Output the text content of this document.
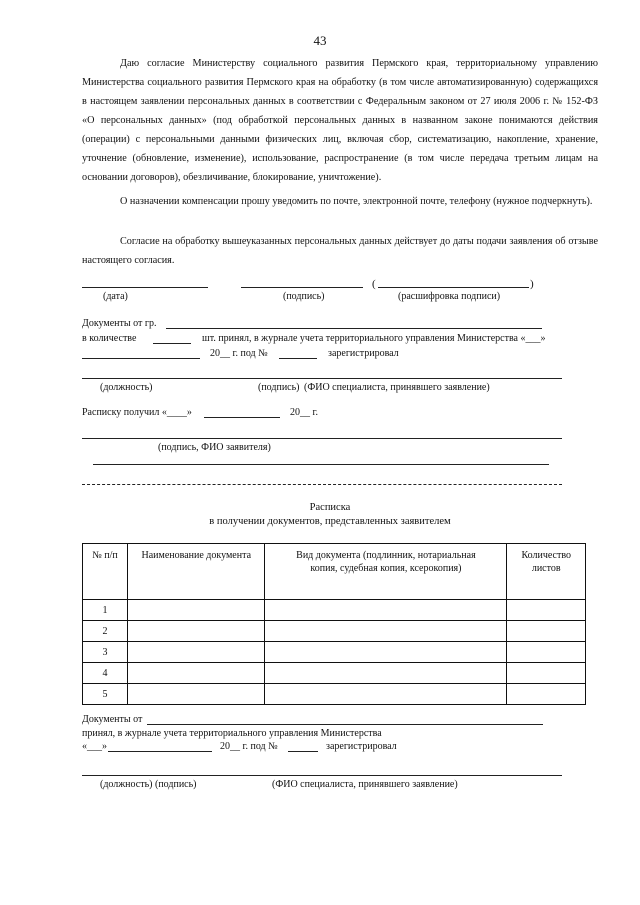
43
Даю согласие Министерству социального развития Пермского края, территориальному управлению Министерства социального развития Пермского края на обработку (в том числе автоматизированную) содержащихся в настоящем заявлении персональных данных в соответствии с Федеральным законом от 27 июля 2006 г. № 152-ФЗ «О персональных данных» (под обработкой персональных данных в названном законе понимаются действия (операции) с персональными данными физических лиц, включая сбор, систематизацию, накопление, хранение, уточнение (обновление, изменение), использование, распространение (в том числе передача третьим лицам на основании договоров), обезличивание, блокирование, уничтожение).
О назначении компенсации прошу уведомить по почте, электронной почте, телефону (нужное подчеркнуть).
Согласие на обработку вышеуказанных персональных данных действует до даты подачи заявления об отзыве настоящего согласия.
(	)
(дата)	(подпись)	(расшифровка подписи)
Документы от гр.
в количестве	шт. принял, в журнале учета территориального управления Министерства «___»
20__ г. под №	зарегистрировал
(должность)	(подпись) (ФИО специалиста, принявшего заявление)
Расписку получил «____»	20__ г.
(подпись, ФИО заявителя)
Расписка
в получении документов, представленных заявителем
№ п/п	Наименование документа	Вид документа (подлинник, нотариальная копия, судебная копия, ксерокопия)	Количество листов
1			
2			
3			
4			
5			
Документы от
принял, в журнале учета территориального управления Министерства
«___»	20__ г. под №	зарегистрировал
(должность) (подпись)	(ФИО специалиста, принявшего заявление)
